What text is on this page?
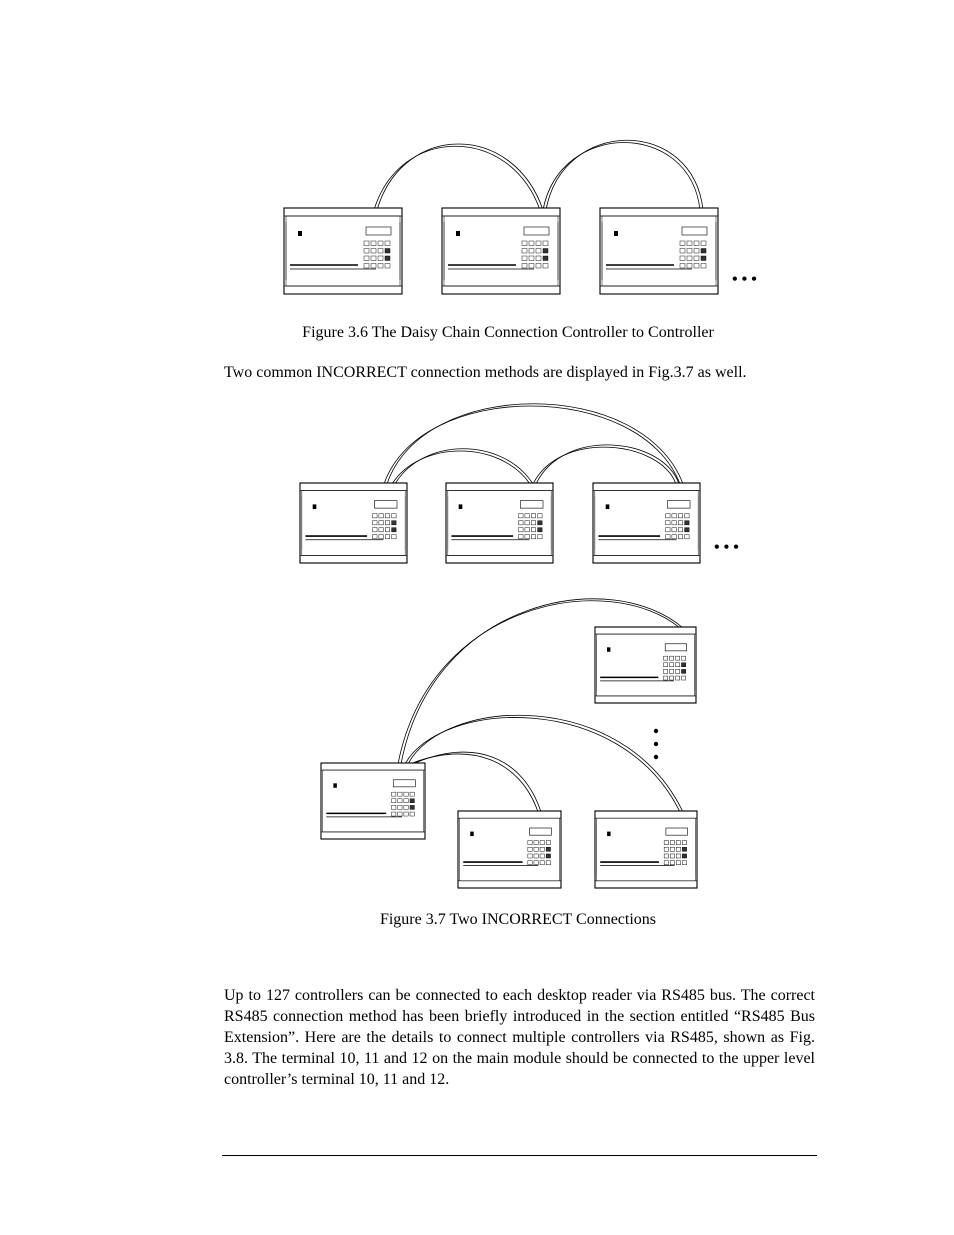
• • •
Figure 3.6 The Daisy Chain Connection Controller to Controller
Two common INCORRECT connection methods are displayed in Fig.3.7 as well.
• • •
Figure 3.7 Two INCORRECT Connections
Up to 127 controllers can be connected to each desktop reader via RS485 bus. The correct RS485 connection method has been briefly introduced in the section entitled “RS485 Bus Extension”. Here are the details to connect multiple controllers via RS485, shown as Fig. 3.8. The terminal 10, 11 and 12 on the main module should be connected to the upper level controller’s terminal 10, 11 and 12.
